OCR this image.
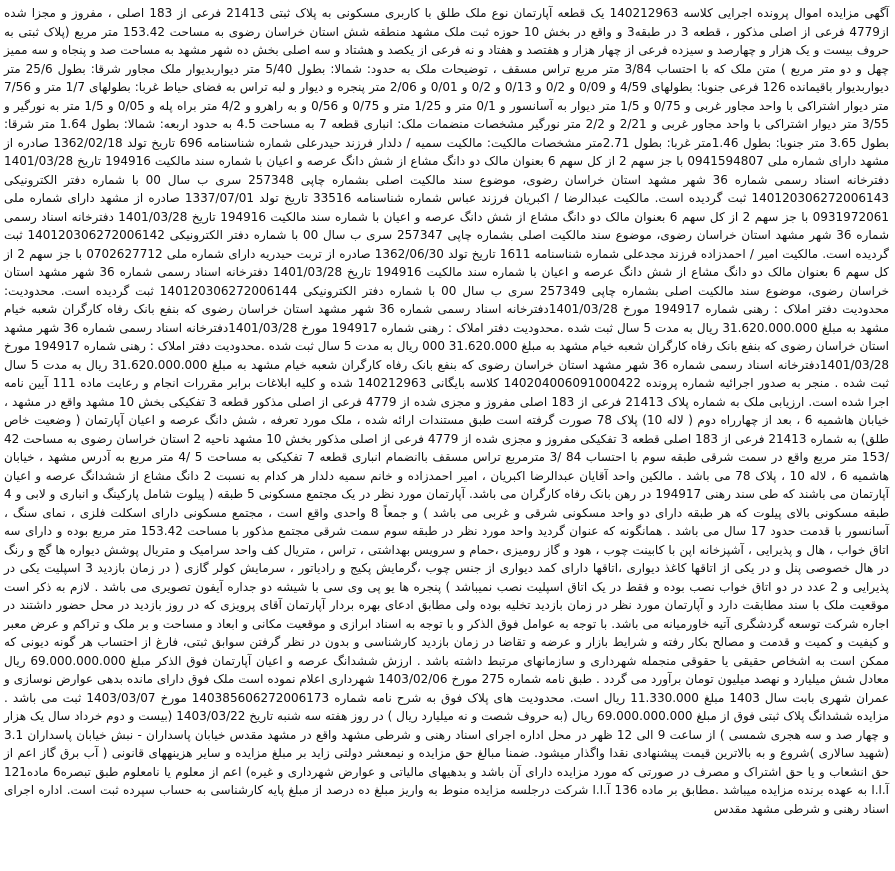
آگهی مزایده اموال پرونده اجرایی کلاسه 140212963 یک قطعه آپارتمان نوع ملک طلق با کاربری مسکونی به پلاک ثبتی 21413 فرعی از 183 اصلی ، مفروز و مجزا شده از4779 فرعی از اصلی مذکور ، قطعه 3 در طبقه3 و واقع در بخش 10 حوزه ثبت ملک مشهد منطقه شش استان خراسان رضوی به مساحت 153.42 متر مربع (پلاک ثبتی به حروف بیست و یک هزار و چهارصد و سیزده فرعی از چهار هزار و هفتصد و هفتاد و نه فرعی از یکصد و هشتاد و سه اصلی بخش ده شهر مشهد به مساحت صد و پنجاه و سه ممیز چهل و دو متر مربع ) متن ملک که با احتساب 3/84 متر مربع تراس مسقف ، توضیحات ملک به حدود: شمالا: بطول 5/40 متر دیواربدیوار ملک مجاور شرقا: بطول 25/6 متر دیواربدیوار باقیمانده 126 فرعی جنوبا: بطولهای 4/59 و 0/09 و 0/2 و 0/13 و 0/2 و 0/01 و 2/06 متر پنجره و دیوار و لبه تراس به فضای حیاط غربا: بطولهای 1/7 متر و 7/56 متر دیوار اشتراکی با واحد مجاور غربی و 0/75 و 1/5 متر دیوار به آسانسور و 0/1 متر و 1/25 متر و 0/75 و 0/56 و به راهرو و 4/2 متر براه پله و 0/05 و 1/5 متر به نورگیر و 3/55 متر دیوار اشتراکی با واحد مجاور غربی و 2/21 و 2/2 متر نورگیر مشخصات منضمات ملک: انباری قطعه 7 به مساحت 4.5 به حدود اربعه: شمالا: بطول 1.64 متر شرقا: بطول 3.65 متر جنوبا: بطول 1.46متر غربا: بطول 2.71متر مشخصات مالکیت: مالکیت سمیه / دلدار فرزند حیدرعلی شماره شناسنامه 696 تاریخ تولد 1362/02/18 صادره از مشهد دارای شماره ملی 0941594807 با جز سهم 2 از کل سهم 6 بعنوان مالک دو دانگ مشاع از شش دانگ عرصه و اعیان با شماره سند مالکیت 194916 تاریخ 1401/03/28 دفترخانه اسناد رسمی شماره 36 شهر مشهد استان خراسان رضوی، موضوع سند مالکیت اصلی بشماره چاپی 257348 سری ب سال 00 با شماره دفتر الکترونیکی 140120306272006143 ثبت گردیده است. مالکیت عبدالرضا / اکبریان فرزند عباس شماره شناسنامه 33516 تاریخ تولد 1337/07/01 صادره از مشهد دارای شماره ملی 0931972061 با جز سهم 2 از کل سهم 6 بعنوان مالک دو دانگ مشاع از شش دانگ عرصه و اعیان با شماره سند مالکیت 194916 تاریخ 1401/03/28 دفترخانه اسناد رسمی شماره 36 شهر مشهد استان خراسان رضوی، موضوع سند مالکیت اصلی بشماره چاپی 257347 سری ب سال 00 با شماره دفتر الکترونیکی 140120306272006142 ثبت گردیده است. مالکیت امیر / احمدزاده فرزند مجدعلی شماره شناسنامه 1611 تاریخ تولد 1362/06/30 صادره از تربت حیدریه دارای شماره ملی 0702627712 با جز سهم 2 از کل سهم 6 بعنوان مالک دو دانگ مشاع از شش دانگ عرصه و اعیان با شماره سند مالکیت 194916 تاریخ 1401/03/28 دفترخانه اسناد رسمی شماره 36 شهر مشهد استان خراسان رضوی، موضوع سند مالکیت اصلی بشماره چاپی 257349 سری ب سال 00 با شماره دفتر الکترونیکی 140120306272006144 ثبت گردیده است. محدودیت: محدودیت دفتر املاک : رهنی شماره 194917 مورخ 1401/03/28دفترخانه اسناد رسمی شماره 36 شهر مشهد استان خراسان رضوی که بنفع بانک رفاه کارگران شعبه خیام مشهد به مبلغ 31.620.000.000 ریال به مدت 5 سال ثبت شده .محدودیت دفتر املاک : رهنی شماره 194917 مورخ 1401/03/28دفترخانه اسناد رسمی شماره 36 شهر مشهد استان خراسان رضوی که بنفع بانک رفاه کارگران شعبه خیام مشهد به مبلغ 31.620.000 000 ریال به مدت 5 سال ثبت شده .محدودیت دفتر املاک : رهنی شماره 194917 مورخ 1401/03/28دفترخانه اسناد رسمی شماره 36 شهر مشهد استان خراسان رضوی که بنفع بانک رفاه کارگران شعبه خیام مشهد به مبلغ 31.620.000.000 ریال به مدت 5 سال ثبت شده . منجر به صدور اجرائیه شماره پرونده 140204006091000422 کلاسه بایگانی 140212963 شده و کلیه ابلاغات برابر مقررات انجام و رعایت ماده 111 آیین نامه اجرا شده است. ارزیابی ملک به شماره پلاک 21413 فرعی از 183 اصلی مفروز و مجزی شده از 4779 فرعی از اصلی مذکور قطعه 3 تفکیکی بخش 10 مشهد واقع در مشهد ، خیابان هاشمیه 6 ، بعد از چهارراه دوم ( لاله 10) پلاک 78 صورت گرفته است طبق مستندات ارائه شده ، ملک مورد تعرفه ، شش دانگ عرصه و اعیان آپارتمان ( وضعیت خاص طلق) به شماره 21413 فرعی از 183 اصلی قطعه 3 تفکیکی مفروز و مجزی شده از 4779 فرعی از اصلی مذکور بخش 10 مشهد ناحیه 2 استان خراسان رضوی به مساحت 42 /153 متر مربع واقع در سمت شرقی طبقه سوم با احتساب 84 /3 مترمربع تراس مسقف باانضمام انباری قطعه 7 تفکیکی به مساحت 5 /4 متر مربع به آدرس مشهد ، خیابان هاشمیه 6 ، لاله 10 ، پلاک 78 می باشد . مالکین واحد آقایان عبدالرضا اکبریان ، امیر احمدزاده و خانم سمیه دلدار هر کدام به نسبت 2 دانگ مشاع از ششدانگ عرصه و اعیان آپارتمان می باشند که طی سند رهنی 194917 در رهن بانک رفاه کارگران می باشد. آپارتمان مورد نظر در یک مجتمع مسکونی 5 طبقه ( پیلوت شامل پارکینگ و انباری و لابی و 4 طبقه مسکونی بالای پیلوت که هر طبقه دارای دو واحد مسکونی شرقی و غربی می باشد ) و جمعاً 8 واحدی واقع است ، مجتمع مسکونی دارای اسکلت فلزی ، نمای سنگ ، آسانسور با قدمت حدود 17 سال می باشد . همانگونه که عنوان گردید واحد مورد نظر در طبقه سوم سمت شرقی مجتمع مذکور با مساحت 153.42 متر مربع بوده و دارای سه اتاق خواب ، هال و پذیرایی ، آشپزخانه اپن با کابینت چوب ، هود و گاز رومیزی ،حمام و سرویس بهداشتی ، تراس ، متریال کف واحد سرامیک و متریال پوشش دیواره ها گچ و رنگ در هال خصوصی پنل و در یکی از اتاقها کاغذ دیواری ،اتاقها دارای کمد دیواری از جنس چوب ،گرمایش پکیج و رادیاتور ، سرمایش کولر گازی ( در زمان بازدید 3 اسپلیت یکی در پذیرایی و 2 عدد در دو اتاق خواب نصب بوده و فقط در یک اتاق اسپلیت نصب نمیباشد ) پنجره ها یو پی وی سی با شیشه دو جداره آیفون تصویری می باشد . لازم به ذکر است موقعیت ملک با سند مطابقت دارد و آپارتمان مورد نظر در زمان بازدید تخلیه بوده ولی مطابق ادعای بهره بردار آپارتمان آقای پرویزی که در روز بازدید در محل حضور داشتند در اجاره شرکت توسعه گردشگری آتیه خاورمیانه می باشد. با توجه به عوامل فوق الذکر و با توجه به اسناد ابرازی و موقعیت مکانی و ابعاد و مساحت و بر ملک و تراکم و عرض معبر و کیفیت و کمیت و قدمت و مصالح بکار رفته و شرایط بازار و عرضه و تقاضا در زمان بازدید کارشناسی و بدون در نظر گرفتن سوابق ثبتی، فارغ از احتساب هر گونه دیونی که ممکن است به اشخاص حقیقی یا حقوقی منجمله شهرداری و سازمانهای مرتبط داشته باشد . ارزش ششدانگ عرصه و اعیان آپارتمان فوق الذکر مبلغ 69.000.000.000 ریال معادل شش میلیارد و نهصد میلیون تومان برآورد می گردد . طبق نامه شماره 275 مورخ 1403/02/06 شهرداری اعلام نموده است ملک فوق دارای مانده بدهی عوارض نوسازی و عمران شهری بابت سال 1403 مبلغ 11.330.000 ریال است. محدودیت های پلاک فوق به شرح نامه شماره 140385606272006173 مورخ 1403/03/07 ثبت می باشد . مزایده ششدانگ پلاک ثبتی فوق از مبلغ 69.000.000.000 ریال (به حروف شصت و نه میلیارد ریال ) در روز هفته سه شنبه تاریخ 1403/03/22 (بیست و دوم خرداد سال یک هزار و چهار صد و سه هجری شمسی ) از ساعت 9 الی 12 ظهر در محل اداره اجرای اسناد رهنی و شرطی مشهد واقع در مشهد مقدس خیابان پاسداران - نبش خیابان پاسداران 3.1 (شهید سالاری )شروع و به بالاترین قیمت پیشنهادی نقدا واگذار میشود. ضمنا مبالغ حق مزایده و نیمعشر دولتی زاید بر مبلغ مزایده و سایر هزینههای قانونی ( آب برق گاز اعم از حق انشعاب و یا حق اشتراک و مصرف در صورتی که مورد مزایده دارای آن باشد و بدهیهای مالیاتی و عوارض شهرداری و غیره) اعم از معلوم یا نامعلوم طبق تبصره6 ماده121 آ.ا.ا به عهده برنده مزایده میباشد .مطابق بر ماده 136 آ.ا.ا شرکت درجلسه مزایده منوط به واریز مبلغ ده درصد از مبلغ پایه کارشناسی به حساب سپرده ثبت است. اداره اجرای اسناد رهنی و شرطی مشهد مقدس
